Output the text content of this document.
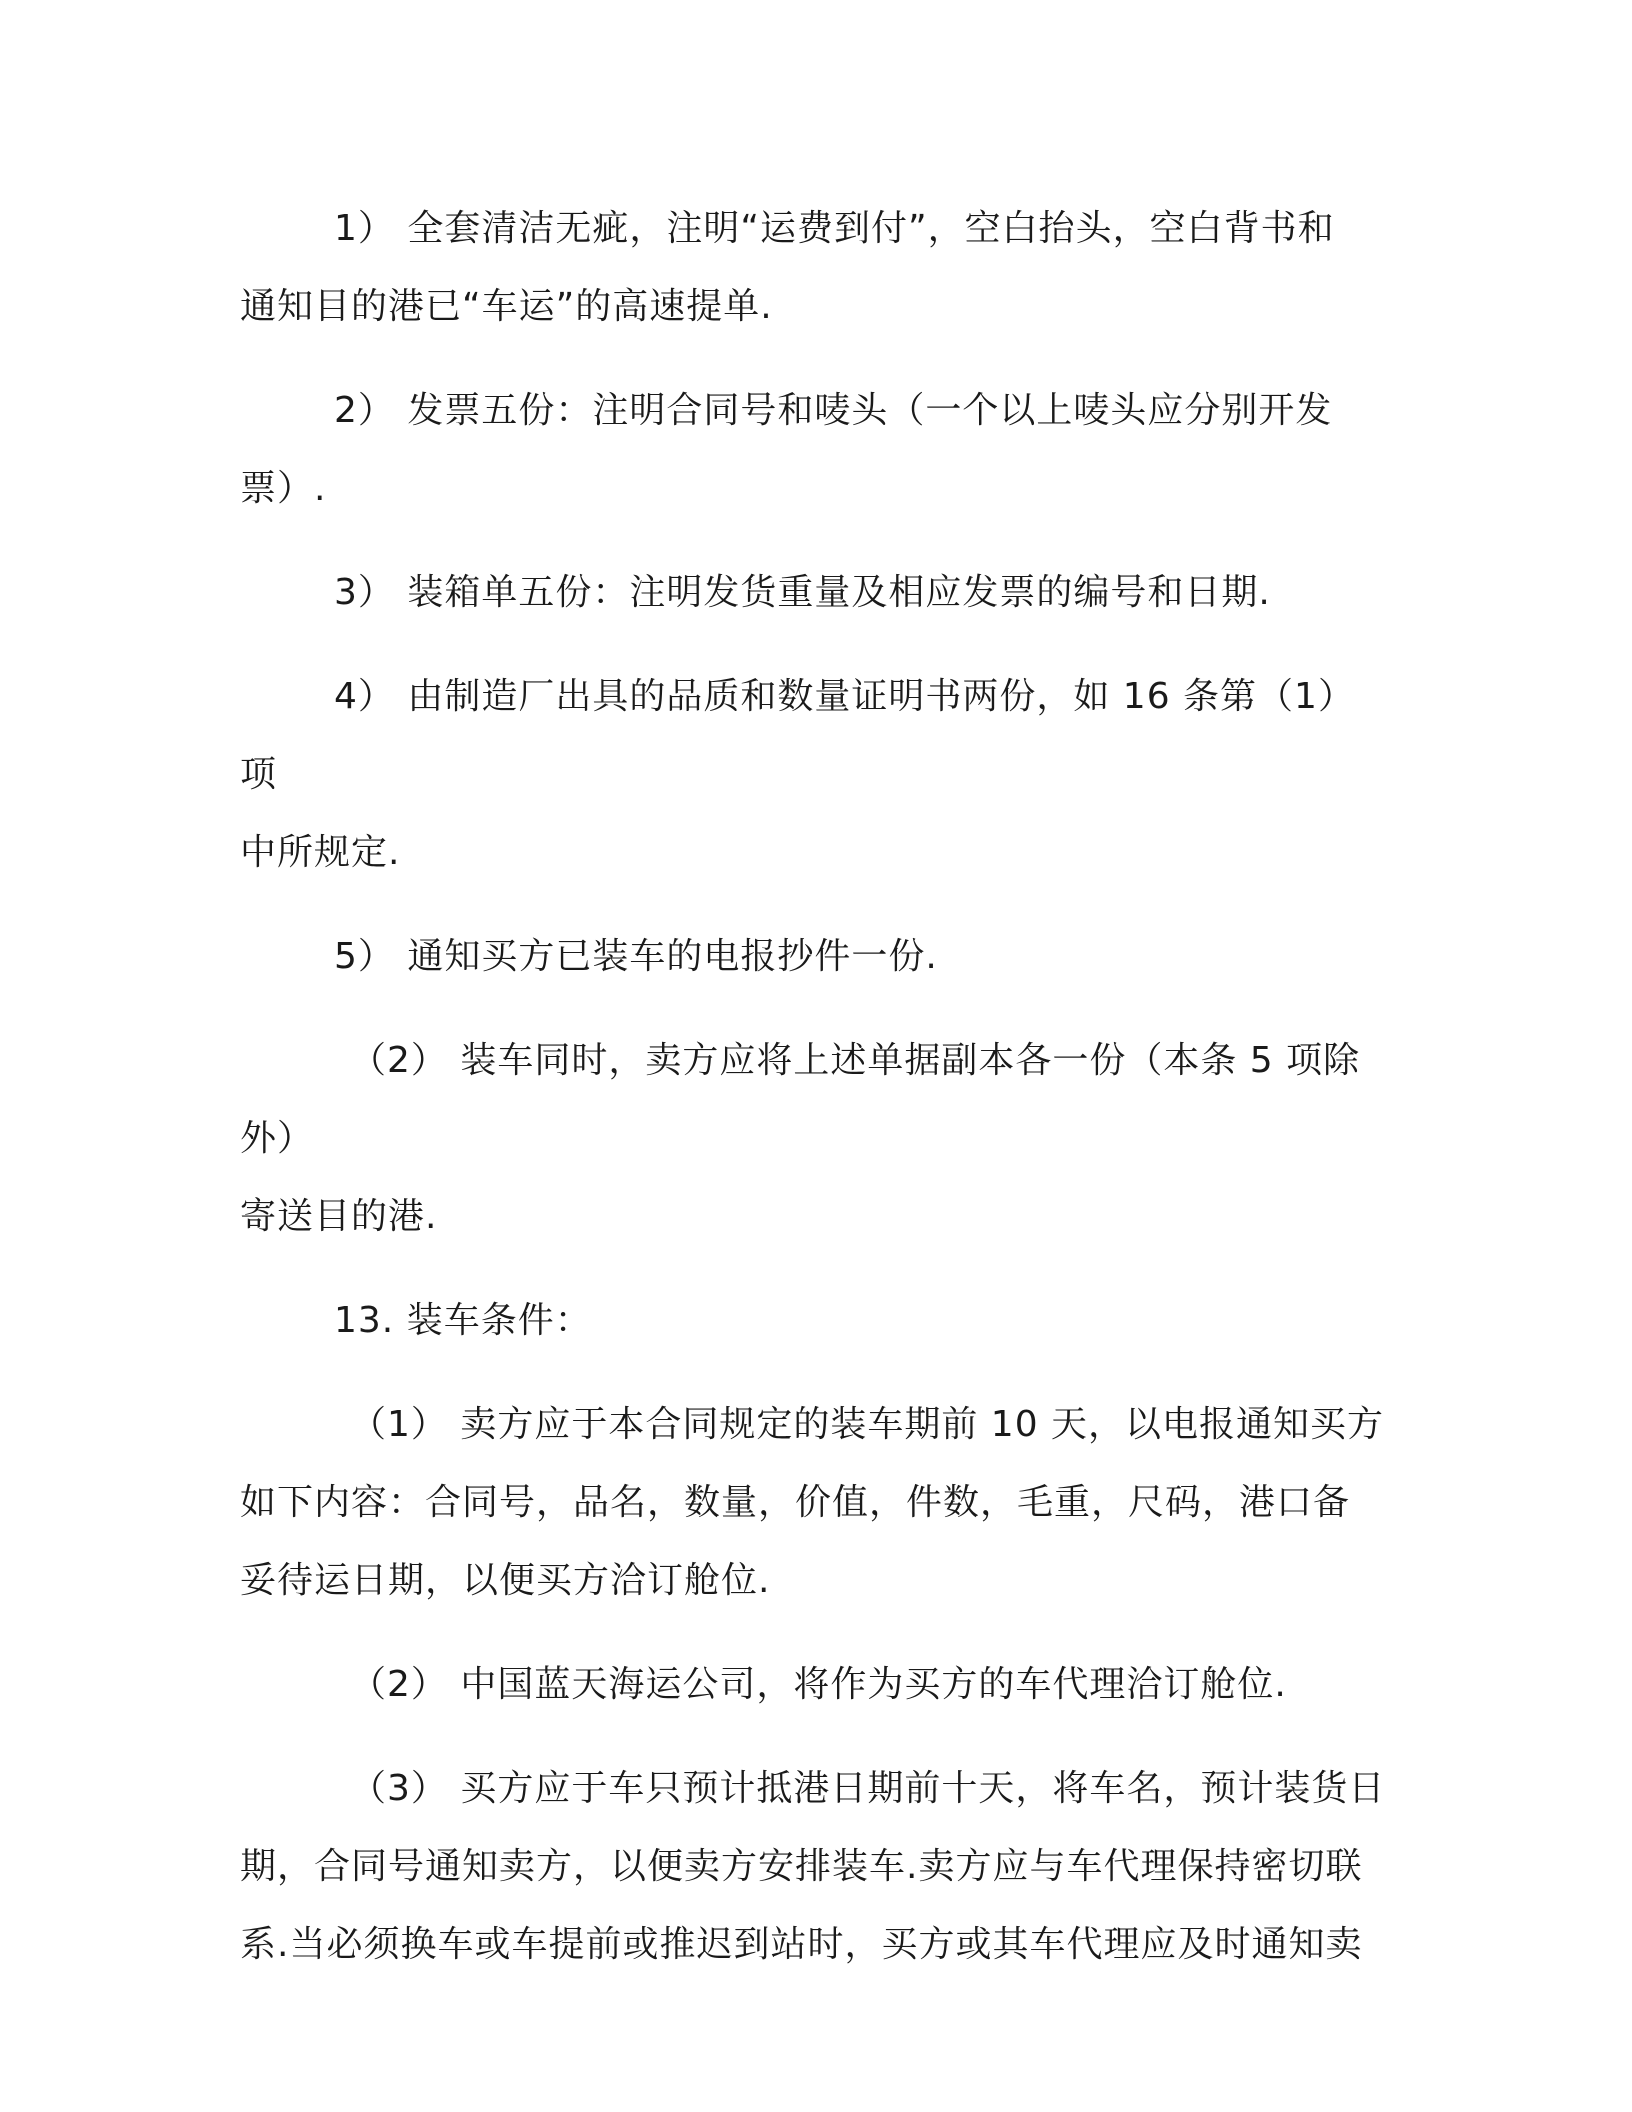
1） 全套清洁无疵，注明“运费到付”，空白抬头，空白背书和
通知目的港已“车运”的高速提单.

2） 发票五份：注明合同号和唛头（一个以上唛头应分别开发
票）.

3） 装箱单五份：注明发货重量及相应发票的编号和日期.

4） 由制造厂出具的品质和数量证明书两份，如 16 条第（1）项
中所规定.

5） 通知买方已装车的电报抄件一份.

（2） 装车同时，卖方应将上述单据副本各一份（本条 5 项除外）
寄送目的港.

13. 装车条件：

（1） 卖方应于本合同规定的装车期前 10 天，以电报通知买方
如下内容：合同号，品名，数量，价值，件数，毛重，尺码，港口备
妥待运日期，以便买方洽订舱位.

（2） 中国蓝天海运公司，将作为买方的车代理洽订舱位.

（3） 买方应于车只预计抵港日期前十天，将车名，预计装货日
期，合同号通知卖方，以便卖方安排装车.卖方应与车代理保持密切联
系.当必须换车或车提前或推迟到站时，买方或其车代理应及时通知卖
